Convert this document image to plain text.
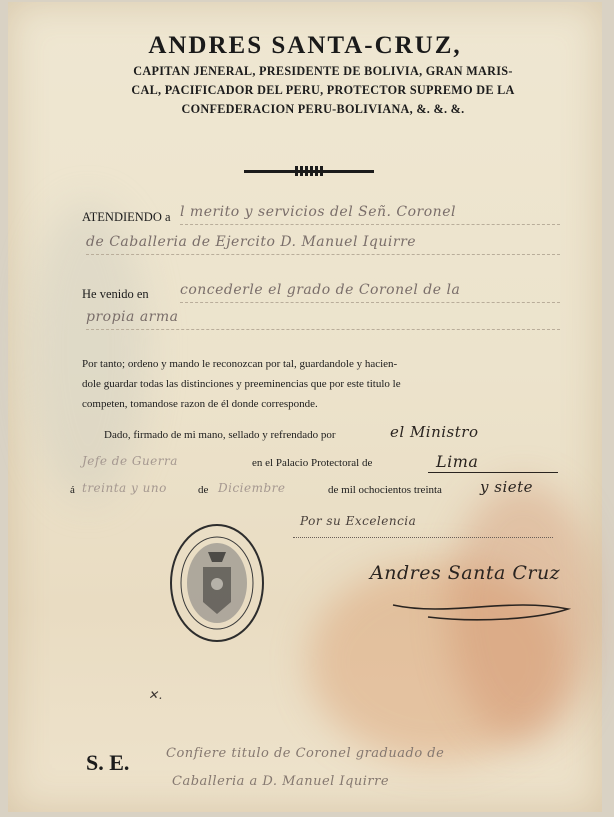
ANDRES SANTA-CRUZ,
CAPITAN JENERAL, PRESIDENTE DE BOLIVIA, GRAN MARIS-
CAL, PACIFICADOR DEL PERU, PROTECTOR SUPREMO DE LA
CONFEDERACION PERU-BOLIVIANA, &. &. &.
ATENDIENDO a l merito y servicios del Señ. Coronel
de Caballeria de Ejercito D. Manuel Iquirre
He venido en concederle el grado de Coronel de la
propia arma
Por tanto; ordeno y mando le reconozcan por tal, guardandole y hacien-
dole guardar todas las distinciones y preeminencias que por este titulo le
competen, tomandose razon de él donde corresponde.
Dado, firmado de mi mano, sellado y refrendado por	el Ministro
Jefe de Guerra	en el Palacio Protectoral de	Lima
á treinta y uno	de Diciembre	de mil ochocientos treinta	y siete
Por su Excelencia
Andres Santa Cruz
✕.
S. E.	Confiere titulo de Coronel graduado de
Caballeria a D. Manuel Iquirre
